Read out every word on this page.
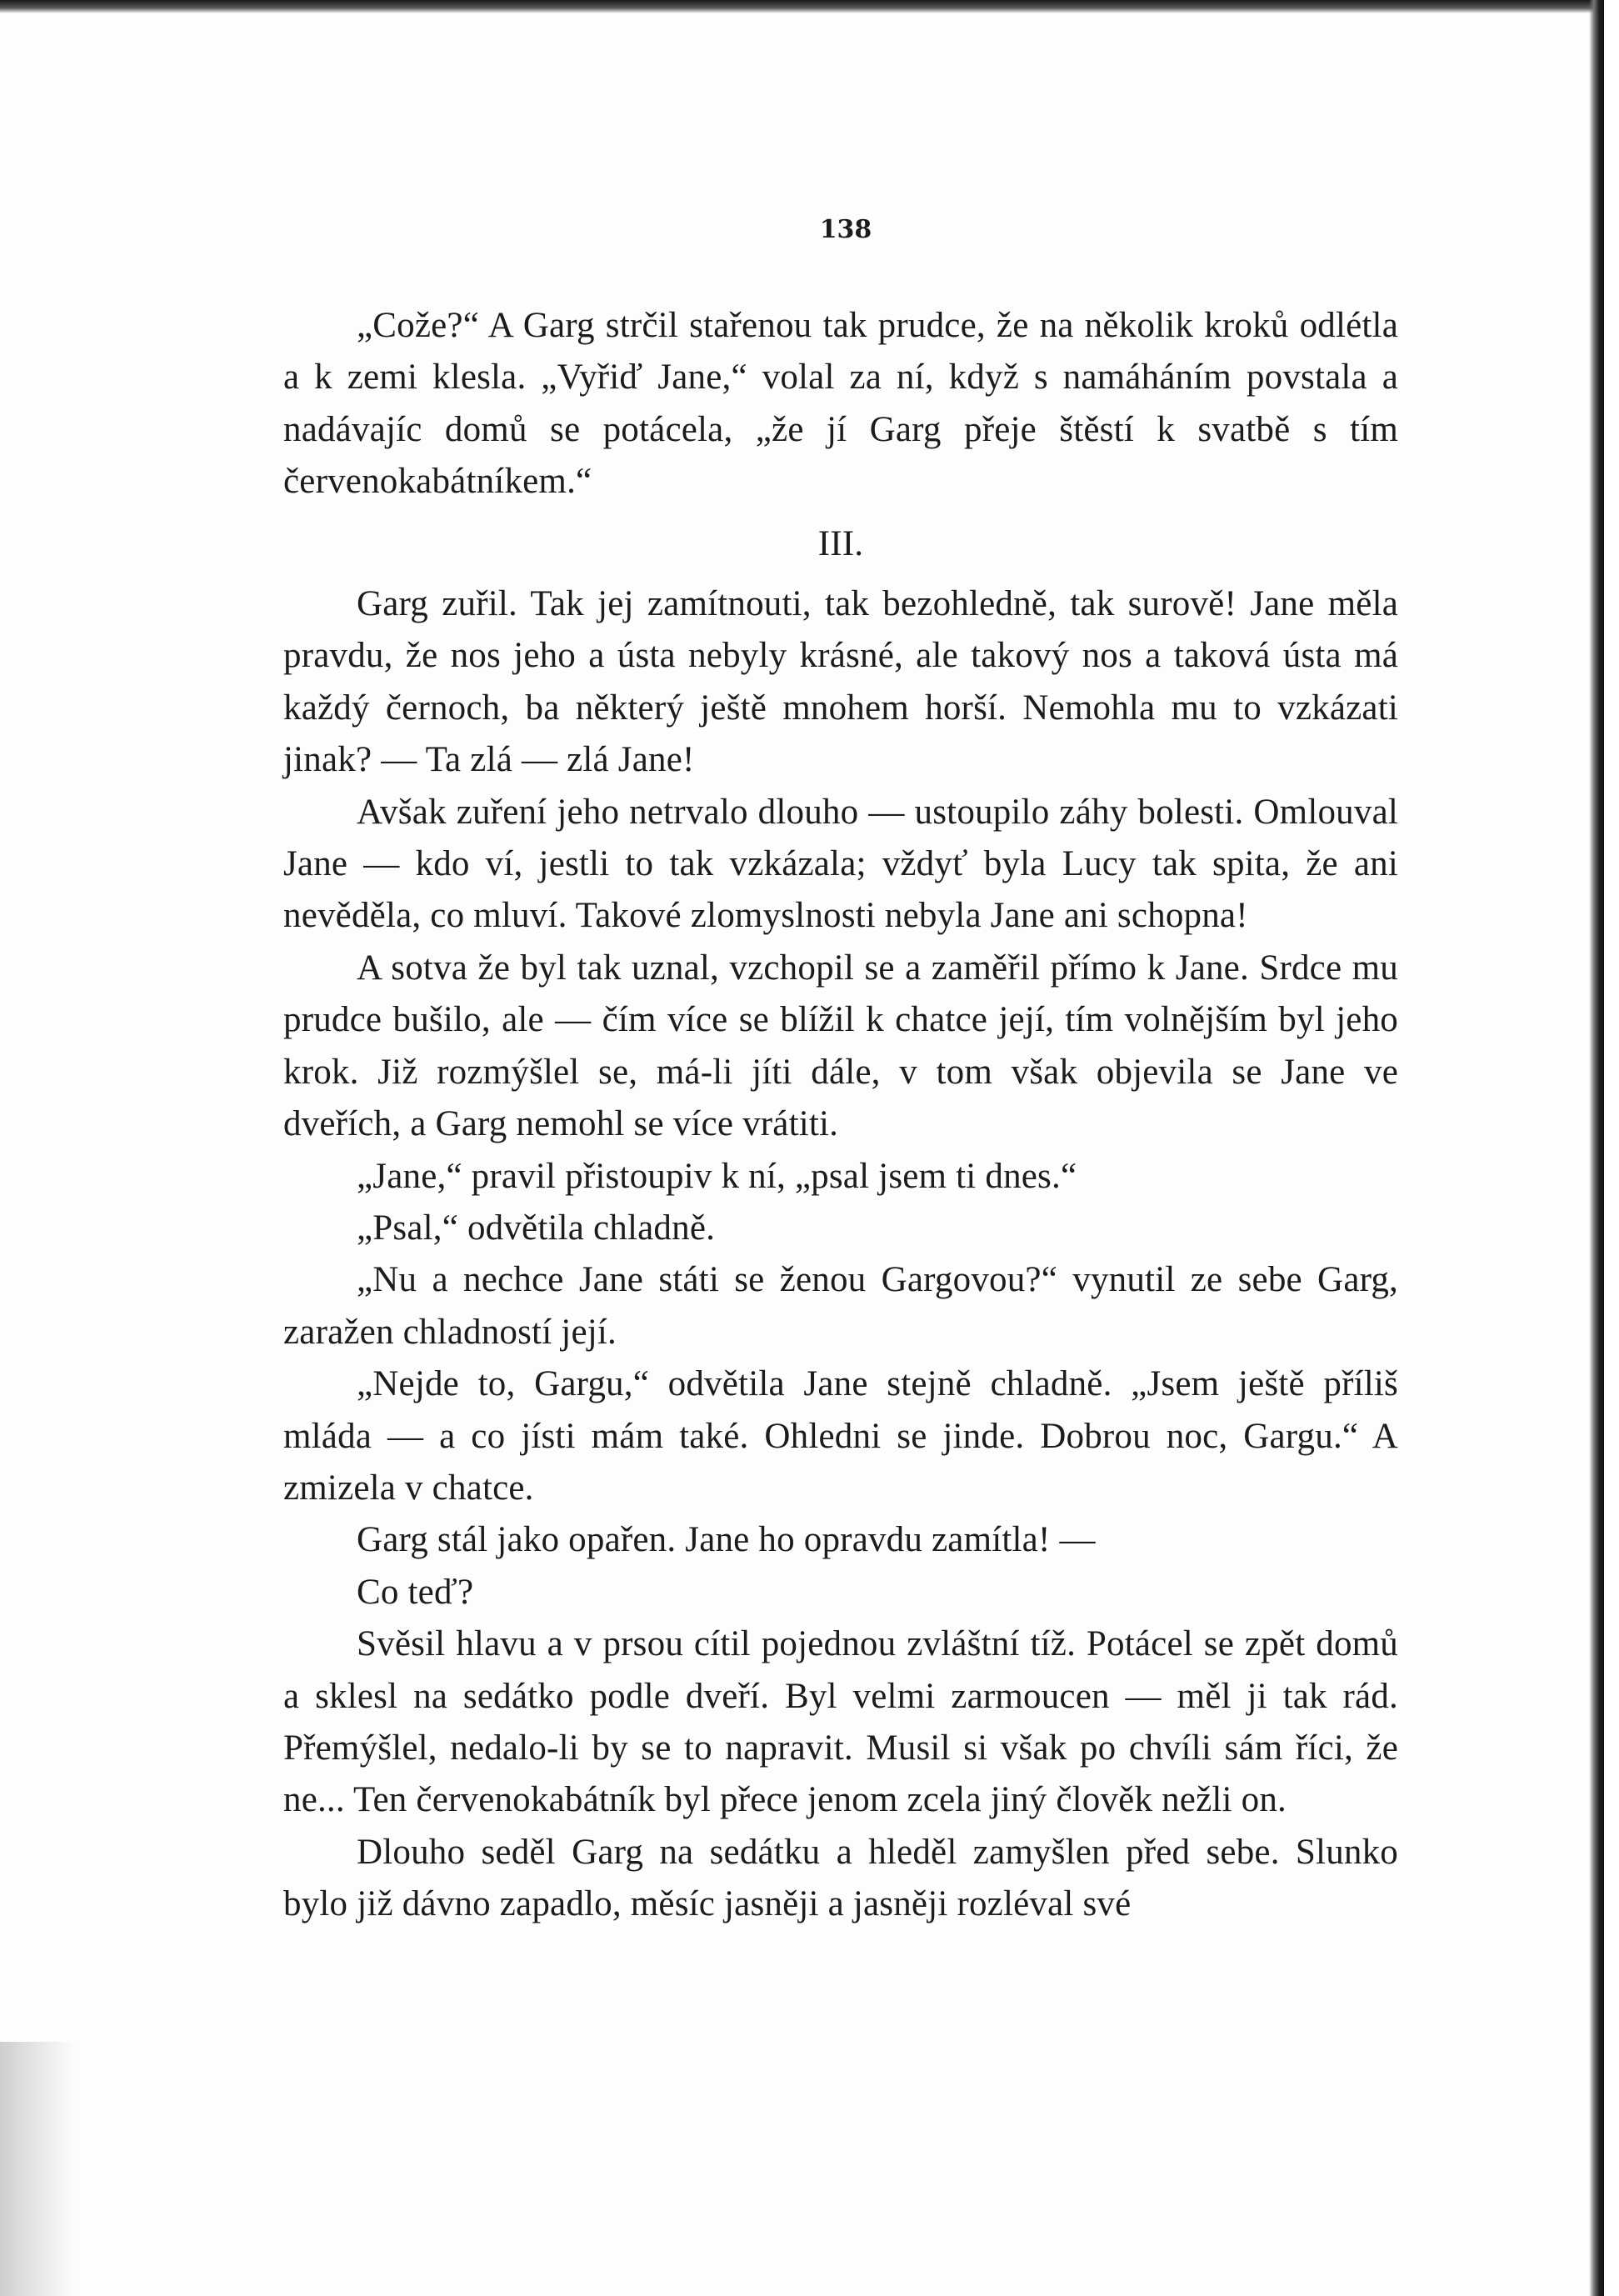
138

„Cože?“ A Garg strčil stařenou tak prudce, že na několik kroků odlétla a k zemi klesla. „Vyřiď Jane,“ volal za ní, když s namáháním povstala a nadávajíc domů se potácela, „že jí Garg přeje štěstí k svatbě s tím červenokabátníkem.“

III.

Garg zuřil. Tak jej zamítnouti, tak bezohledně, tak surově! Jane měla pravdu, že nos jeho a ústa nebyly krásné, ale takový nos a taková ústa má každý černoch, ba některý ještě mnohem horší. Nemohla mu to vzkázati jinak? — Ta zlá — zlá Jane!

Avšak zuření jeho netrvalo dlouho — ustoupilo záhy bolesti. Omlouval Jane — kdo ví, jestli to tak vzkázala; vždyť byla Lucy tak spita, že ani nevěděla, co mluví. Takové zlomyslnosti nebyla Jane ani schopna!

A sotva že byl tak uznal, vzchopil se a zaměřil přímo k Jane. Srdce mu prudce bušilo, ale — čím více se blížil k chatce její, tím volnějším byl jeho krok. Již rozmýšlel se, má-li jíti dále, v tom však objevila se Jane ve dveřích, a Garg nemohl se více vrátiti.

„Jane,“ pravil přistoupiv k ní, „psal jsem ti dnes.“

„Psal,“ odvětila chladně.

„Nu a nechce Jane státi se ženou Gargovou?“ vynutil ze sebe Garg, zaražen chladností její.

„Nejde to, Gargu,“ odvětila Jane stejně chladně. „Jsem ještě příliš mláda — a co jísti mám také. Ohledni se jinde. Dobrou noc, Gargu.“ A zmizela v chatce.

Garg stál jako opařen. Jane ho opravdu zamítla! —

Co teď?

Svěsil hlavu a v prsou cítil pojednou zvláštní tíž. Potácel se zpět domů a sklesl na sedátko podle dveří. Byl velmi zarmoucen — měl ji tak rád. Přemýšlel, nedalo-li by se to napravit. Musil si však po chvíli sám říci, že ne... Ten červenokabátník byl přece jenom zcela jiný člověk nežli on.

Dlouho seděl Garg na sedátku a hleděl zamyšlen před sebe. Slunko bylo již dávno zapadlo, měsíc jasněji a jasněji rozléval své
